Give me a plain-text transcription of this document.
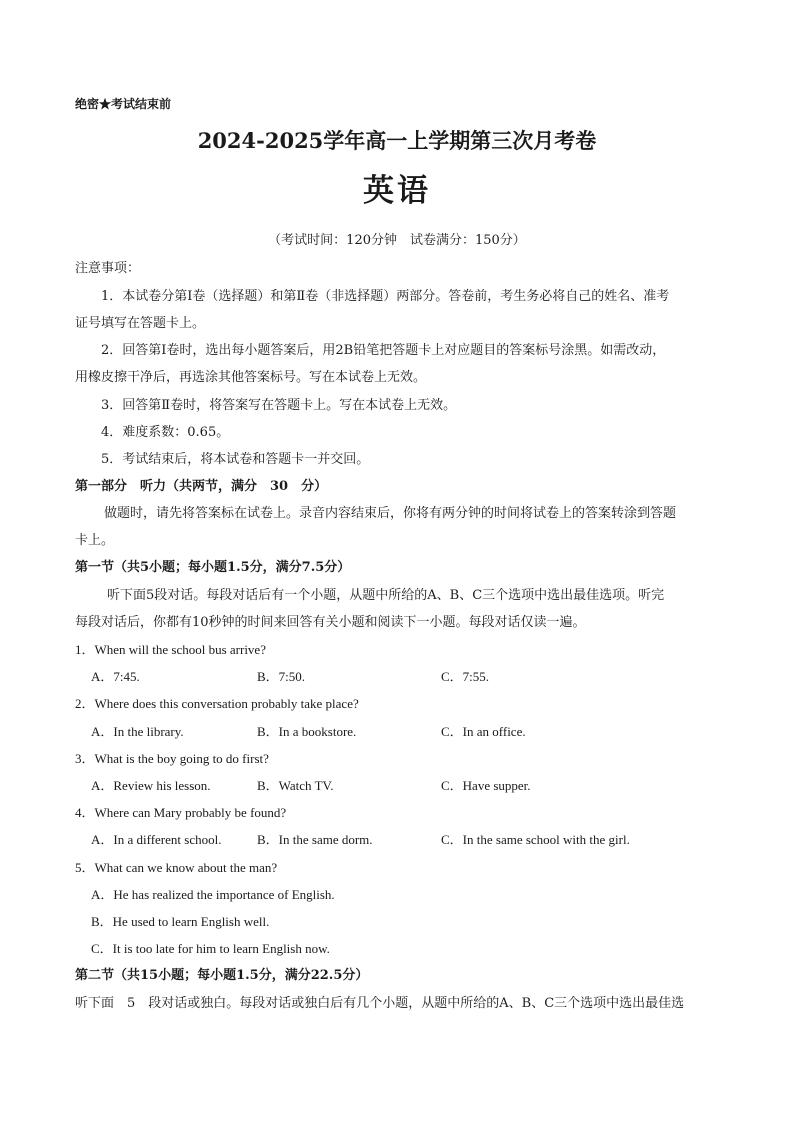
绝密★考试结束前
2024-2025学年高一上学期第三次月考卷
英语
（考试时间：120分钟　试卷满分：150分）
注意事项：
1．本试卷分第Ⅰ卷（选择题）和第Ⅱ卷（非选择题）两部分。答卷前，考生务必将自己的姓名、准考
证号填写在答题卡上。
2．回答第Ⅰ卷时，选出每小题答案后，用2B铅笔把答题卡上对应题目的答案标号涂黑。如需改动，
用橡皮擦干净后，再选涂其他答案标号。写在本试卷上无效。
3．回答第Ⅱ卷时，将答案写在答题卡上。写在本试卷上无效。
4．难度系数：0.65。
5．考试结束后，将本试卷和答题卡一并交回。
第一部分　听力（共两节，满分　30　分）
做题时，请先将答案标在试卷上。录音内容结束后，你将有两分钟的时间将试卷上的答案转涂到答题
卡上。
第一节（共5小题；每小题1.5分，满分7.5分）
听下面5段对话。每段对话后有一个小题，从题中所给的A、B、C三个选项中选出最佳选项。听完
每段对话后，你都有10秒钟的时间来回答有关小题和阅读下一小题。每段对话仅读一遍。
1．When will the school bus arrive?
A．7:45.	B．7:50.	C．7:55.
2．Where does this conversation probably take place?
A．In the library.	B．In a bookstore.	C．In an office.
3．What is the boy going to do first?
A．Review his lesson.	B．Watch TV.	C．Have supper.
4．Where can Mary probably be found?
A．In a different school.	B．In the same dorm.	C．In the same school with the girl.
5．What can we know about the man?
A．He has realized the importance of English.
B．He used to learn English well.
C．It is too late for him to learn English now.
第二节（共15小题；每小题1.5分，满分22.5分）
听下面　5　段对话或独白。每段对话或独白后有几个小题，从题中所给的A、B、C三个选项中选出最佳选
